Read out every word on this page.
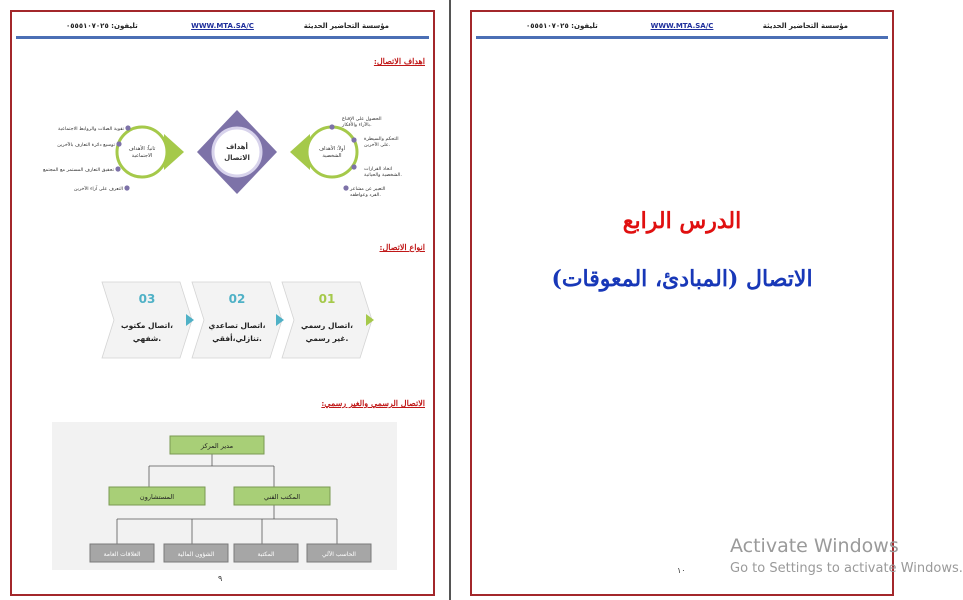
مؤسسة التحاضير الحديثة
WWW.MTA.SA/C
تليفون: ٠٥٥٥١٠٧٠٢٥
اهداف الاتصال:
أهداف
الاتصال
أولاً: الأهداف الشخصية
ثانياً: الأهداف الاجتماعية
الحصول على الإقناع بالآراء والأفكار.
التحكم والسيطرة على الآخرين.
اتخاذ القرارات الشخصية والحياتية.
التعبير عن مشاعر الفرد وعواطفه.
تقوية الصلات والروابط الاجتماعية
توسيع دائرة التعارف بالآخرين
تحقيق التعارف المستمر مع المجتمع
التعرف على آراء الآخرين
انواع الاتصال:
01
اتصال رسمي،
غير رسمي.
02
اتصال تصاعدي،
تنازلي،أفقي.
03
اتصال مكتوب،
شفهي.
الاتصال الرسمي والغير رسمي:
مدير المركز
المكتب الفني
المستشارون
الحاسب الآلي
المكتبة
الشؤون المالية
العلاقات العامة
٩
مؤسسة التحاضير الحديثة
WWW.MTA.SA/C
تليفون: ٠٥٥٥١٠٧٠٢٥
الدرس الرابع
الاتصال (المبادئ، المعوقات)
١٠
Activate Windows
Go to Settings to activate Windows.
